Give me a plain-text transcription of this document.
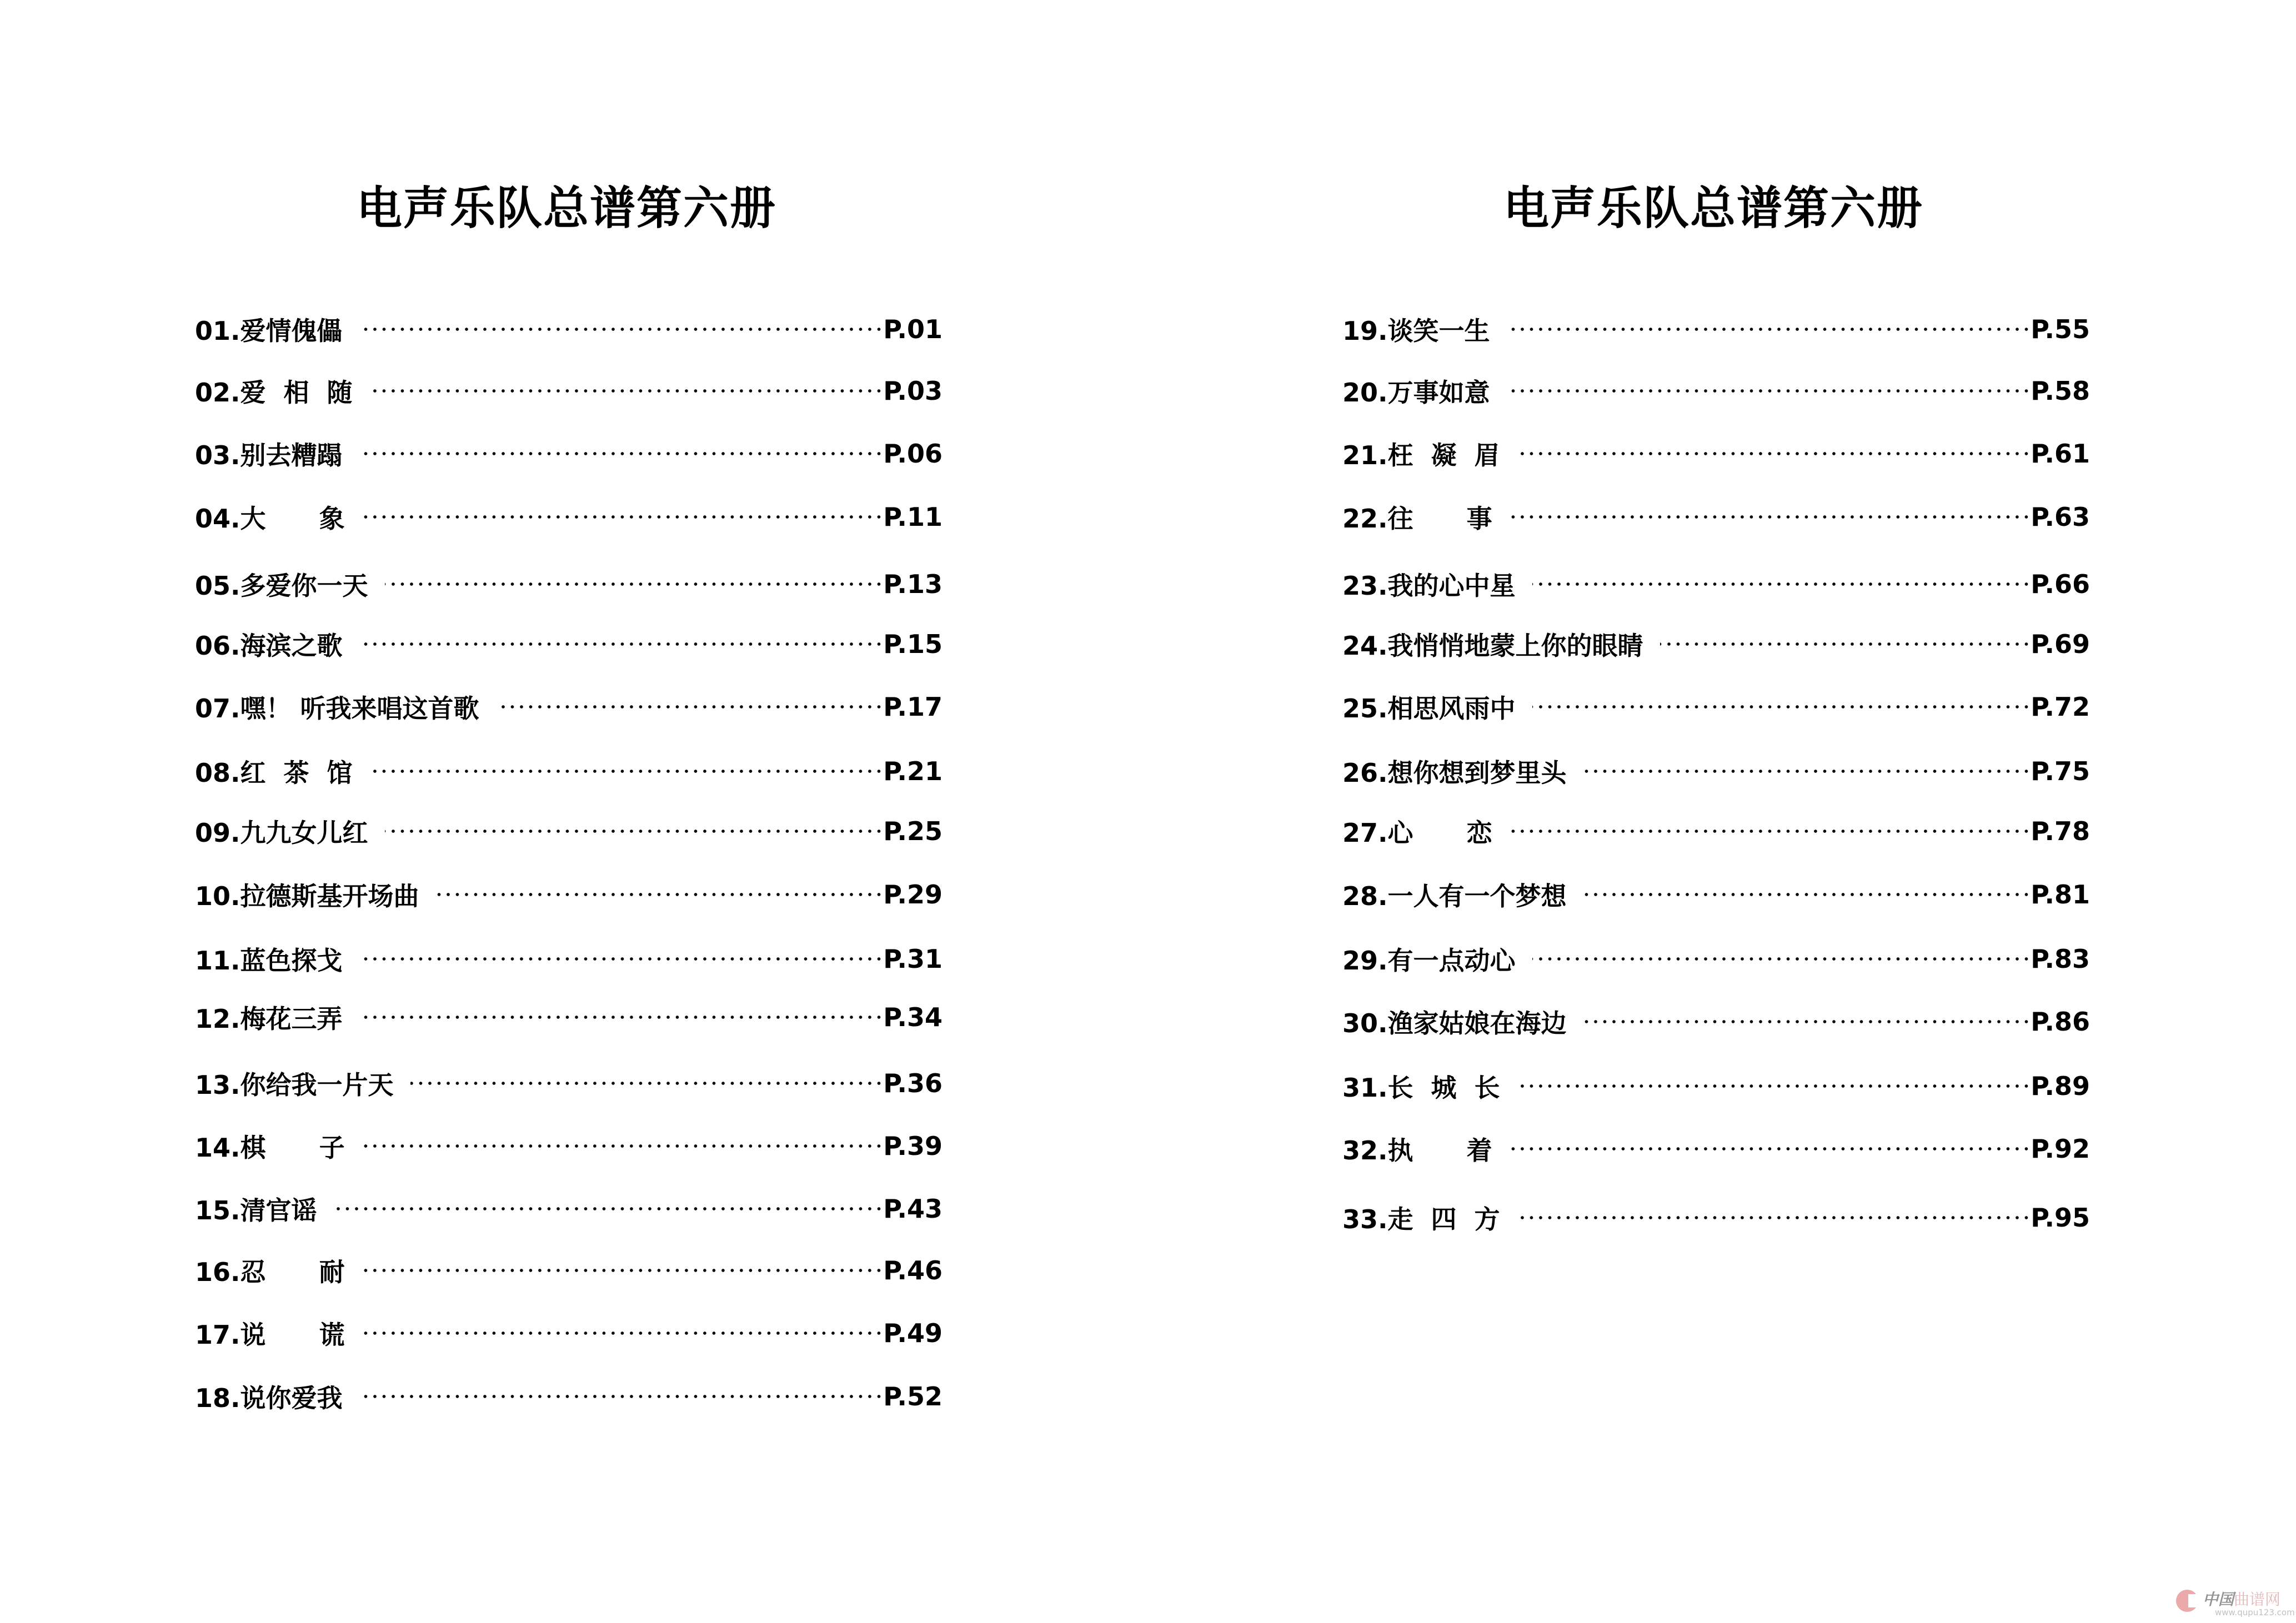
电声乐队总谱第六册
01.爱情傀儡	P.01
02.爱  相  随	P.03
03.别去糟蹋	P.06
04.大      象	P.11
05.多爱你一天	P.13
06.海滨之歌	P.15
07.嘿！ 听我来唱这首歌	P.17
08.红  茶  馆	P.21
09.九九女儿红	P.25
10.拉德斯基开场曲	P.29
11.蓝色探戈	P.31
12.梅花三弄	P.34
13.你给我一片天	P.36
14.棋      子	P.39
15.清官谣	P.43
16.忍      耐	P.46
17.说      谎	P.49
18.说你爱我	P.52
电声乐队总谱第六册
19.谈笑一生	P.55
20.万事如意	P.58
21.枉  凝  眉	P.61
22.往      事	P.63
23.我的心中星	P.66
24.我悄悄地蒙上你的眼睛	P.69
25.相思风雨中	P.72
26.想你想到梦里头	P.75
27.心      恋	P.78
28.一人有一个梦想	P.81
29.有一点动心	P.83
30.渔家姑娘在海边	P.86
31.长  城  长	P.89
32.执      着	P.92
33.走  四  方	P.95
中国曲谱网
www.qupu123.com
